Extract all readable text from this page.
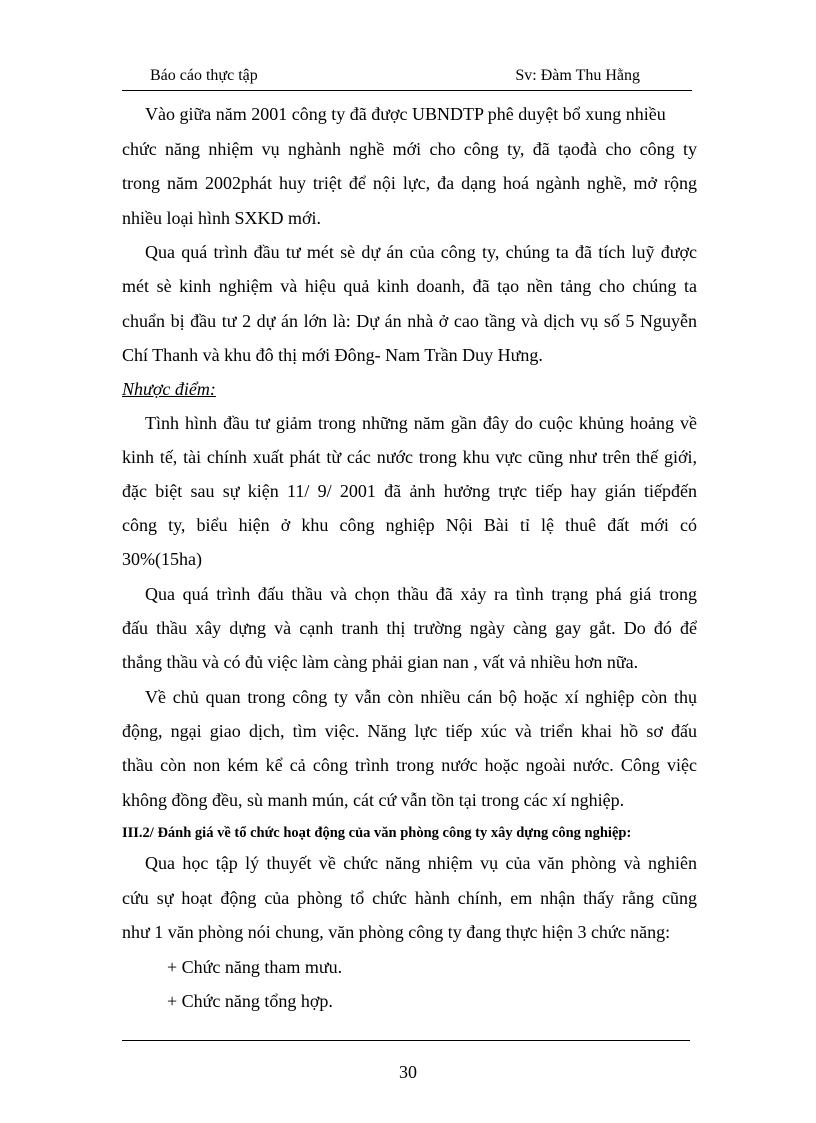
Báo cáo thực tập	Sv: Đàm Thu Hằng
Vào giữa năm 2001 công ty đã được UBNDTP phê duyệt bổ xung nhiều
chức năng nhiệm vụ nghành nghề mới cho công ty, đã tạođà cho công ty
trong năm 2002phát huy triệt để nội lực, đa dạng hoá ngành nghề, mở rộng
nhiều loại hình SXKD mới.
Qua quá trình đầu tư mét sè dự án của công ty, chúng ta đã tích luỹ được
mét sè kinh nghiệm và hiệu quả kinh doanh, đã tạo nền tảng cho chúng ta
chuẩn bị đầu tư 2 dự án lớn là: Dự án nhà ở cao tầng và dịch vụ số 5 Nguyễn
Chí Thanh và khu đô thị mới Đông- Nam Trần Duy Hưng.
Nhược điểm:
Tình hình đầu tư giảm trong những năm gần đây do cuộc khủng hoảng về
kinh tế, tài chính xuất phát từ các nước trong khu vực cũng như trên thế giới,
đặc biệt sau sự kiện 11/ 9/ 2001 đã ảnh hưởng trực tiếp hay gián tiếpđến
công ty, biểu hiện ở khu công nghiệp Nội Bài tỉ lệ thuê đất mới có
30%(15ha)
Qua quá trình đấu thầu và chọn thầu đã xảy ra tình trạng phá giá trong
đấu thầu xây dựng và cạnh tranh thị trường ngày càng gay gắt. Do đó để
thắng thầu và có đủ việc làm càng phải gian nan , vất vả nhiều hơn nữa.
Về chủ quan trong công ty vẫn còn nhiều cán bộ hoặc xí nghiệp còn thụ
động, ngại giao dịch, tìm việc. Năng lực tiếp xúc và triển khai hồ sơ đấu
thầu còn non kém kể cả công trình trong nước hoặc ngoài nước. Công việc
không đồng đều, sù manh mún, cát cứ vẫn tồn tại trong các xí nghiệp.
III.2/ Đánh giá về tổ chức hoạt động của văn phòng công ty xây dựng công nghiệp:
Qua học tập lý thuyết về chức năng nhiệm vụ của văn phòng và nghiên
cứu sự hoạt động của phòng tổ chức hành chính, em nhận thấy rằng cũng
như 1 văn phòng nói chung, văn phòng công ty đang thực hiện 3 chức năng:
+ Chức năng tham mưu.
+ Chức năng tổng hợp.
30
